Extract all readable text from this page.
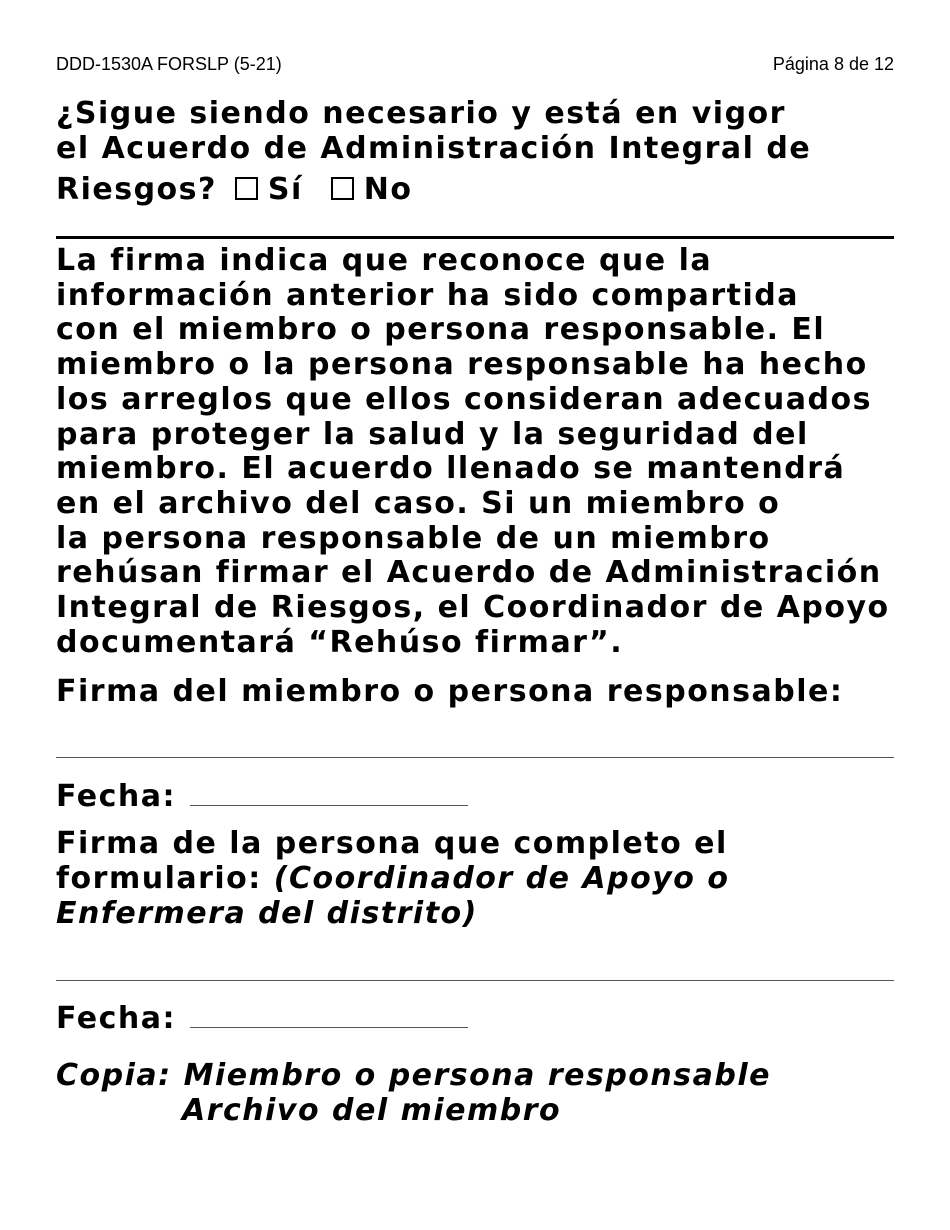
DDD-1530A FORSLP (5-21)	Página 8 de 12
¿Sigue siendo necesario y está en vigor
el Acuerdo de Administración Integral de
Riesgos? Sí No

La firma indica que reconoce que la
información anterior ha sido compartida
con el miembro o persona responsable. El
miembro o la persona responsable ha hecho
los arreglos que ellos consideran adecuados
para proteger la salud y la seguridad del
miembro. El acuerdo llenado se mantendrá
en el archivo del caso. Si un miembro o
la persona responsable de un miembro
rehúsan firmar el Acuerdo de Administración
Integral de Riesgos, el Coordinador de Apoyo
documentará “Rehúso firmar”.

Firma del miembro o persona responsable:

Fecha:
Firma de la persona que completo el
formulario: (Coordinador de Apoyo o
Enfermera del distrito)
Fecha:
Copia: Miembro o persona responsable
Archivo del miembro
